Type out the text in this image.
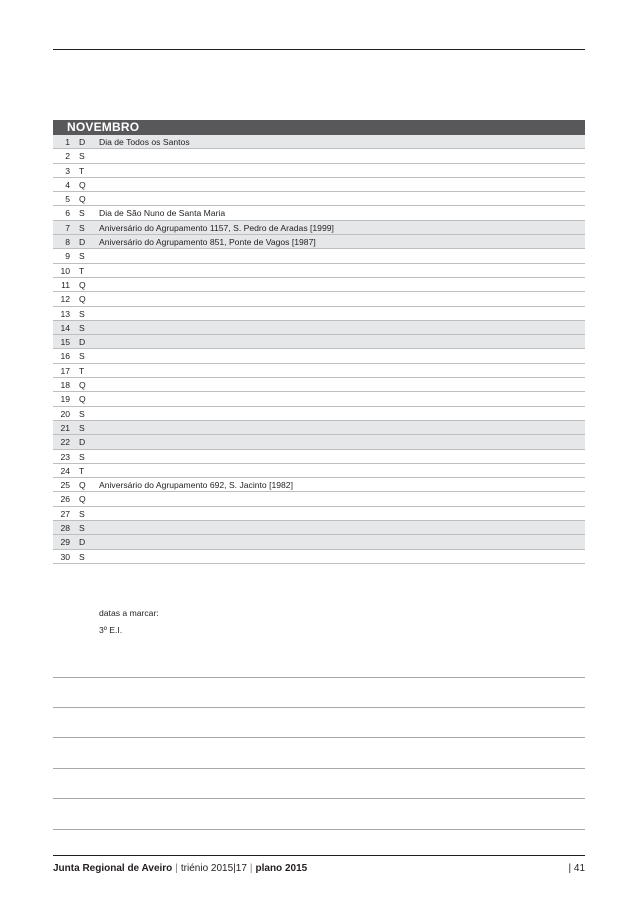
NOVEMBRO
1 D Dia de Todos os Santos
2 S
3 T
4 Q
5 Q
6 S Dia de São Nuno de Santa Maria
7 S Aniversário do Agrupamento 1157, S. Pedro de Aradas [1999]
8 D Aniversário do Agrupamento 851, Ponte de Vagos [1987]
9 S
10 T
11 Q
12 Q
13 S
14 S
15 D
16 S
17 T
18 Q
19 Q
20 S
21 S
22 D
23 S
24 T
25 Q Aniversário do Agrupamento 692, S. Jacinto [1982]
26 Q
27 S
28 S
29 D
30 S
datas a marcar:
3º E.I.
Junta Regional de Aveiro | triénio 2015|17 | plano 2015	| 41
